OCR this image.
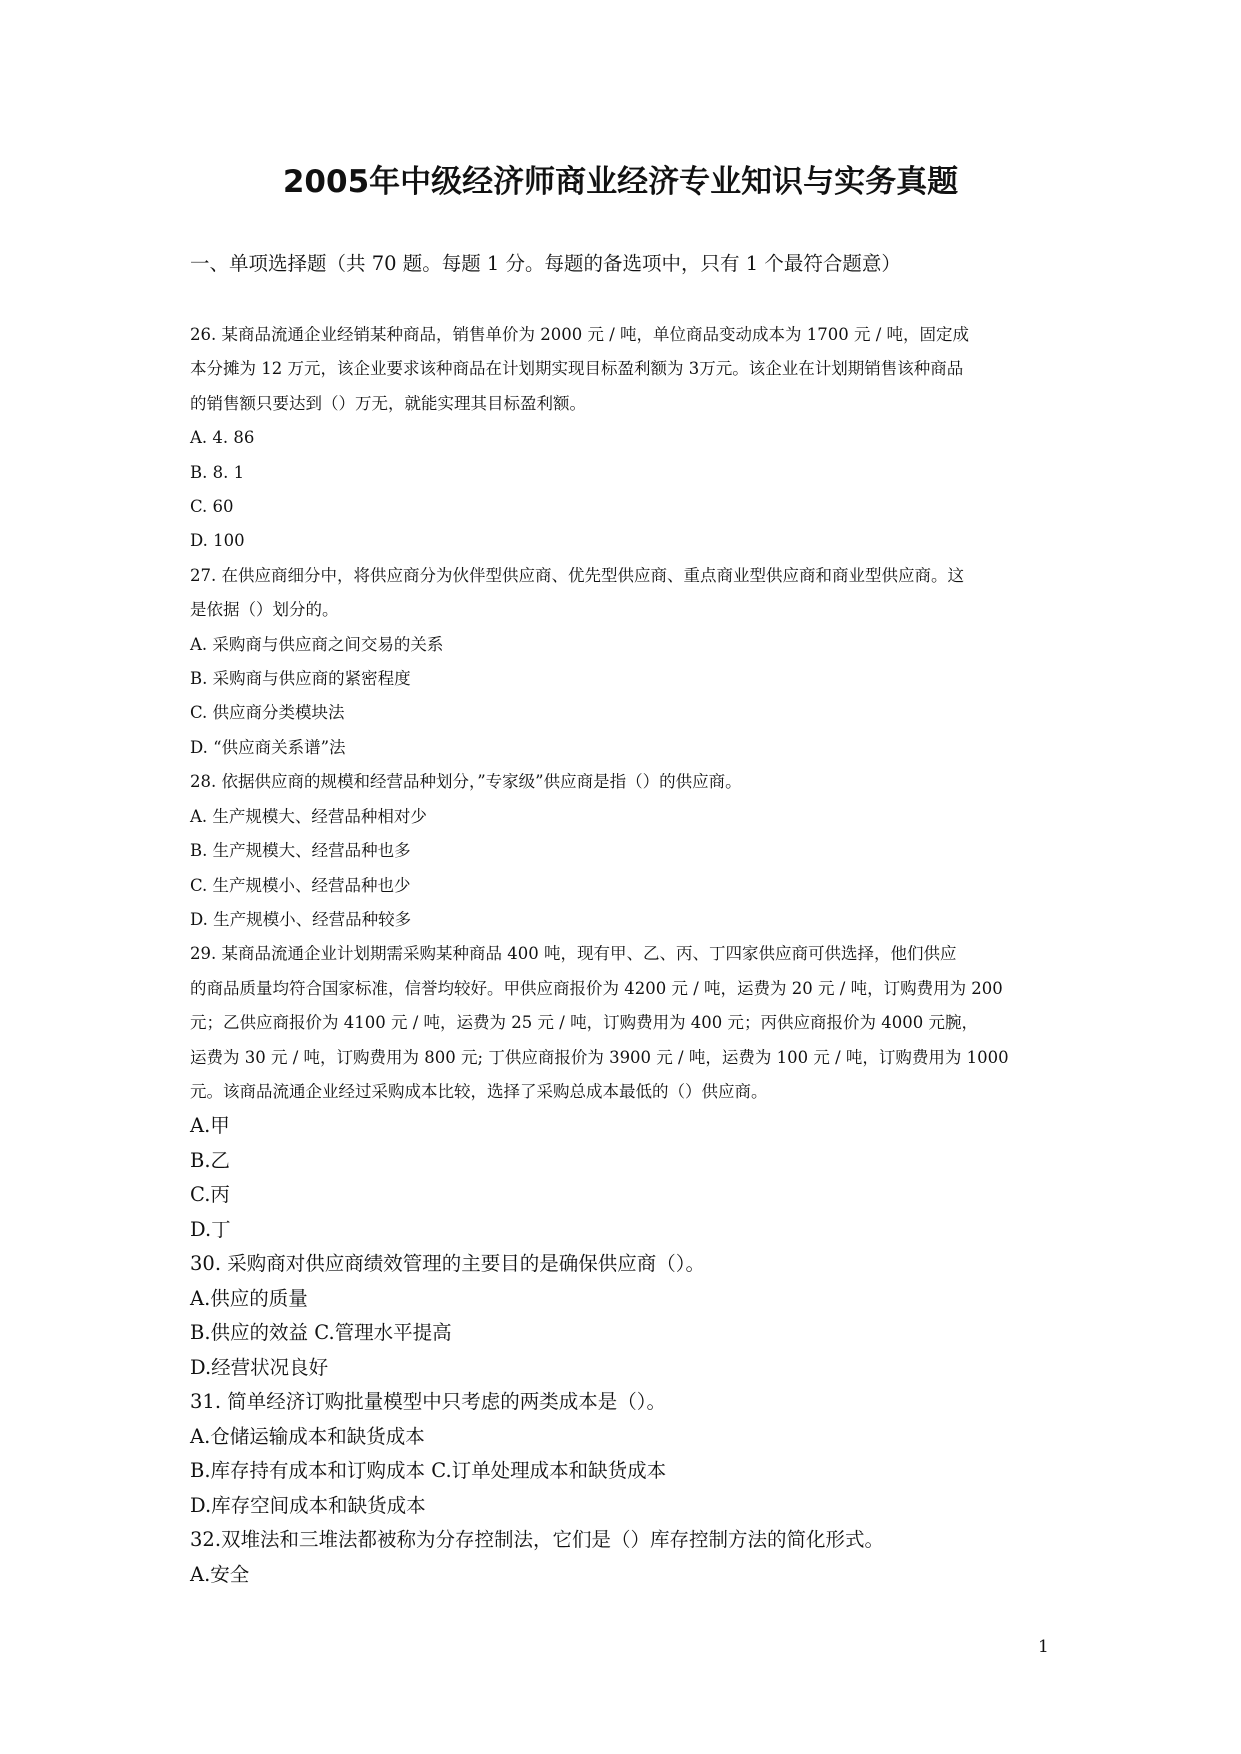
2005年中级经济师商业经济专业知识与实务真题

一、单项选择题（共 70 题。每题 1 分。每题的备选项中，只有 1 个最符合题意）

26. 某商品流通企业经销某种商品，销售单价为 2000 元 / 吨，单位商品变动成本为 1700 元 / 吨，固定成
本分摊为 12 万元，该企业要求该种商品在计划期实现目标盈利额为 3万元。该企业在计划期销售该种商品
的销售额只要达到（）万无，就能实理其目标盈利额。
A. 4. 86
B. 8. 1
C. 60
D. 100
27. 在供应商细分中，将供应商分为伙伴型供应商、优先型供应商、重点商业型供应商和商业型供应商。这
是依据（）划分的。
A. 采购商与供应商之间交易的关系
B. 采购商与供应商的紧密程度
C. 供应商分类模块法
D. “供应商关系谱”法
28. 依据供应商的规模和经营品种划分，”专家级”供应商是指（）的供应商。
A. 生产规模大、经营品种相对少
B. 生产规模大、经营品种也多
C. 生产规模小、经营品种也少
D. 生产规模小、经营品种较多
29. 某商品流通企业计划期需采购某种商品 400 吨，现有甲、乙、丙、丁四家供应商可供选择，他们供应
的商品质量均符合国家标准，信誉均较好。甲供应商报价为 4200 元 / 吨，运费为 20 元 / 吨，订购费用为 200
元；乙供应商报价为 4100 元 / 吨，运费为 25 元 / 吨，订购费用为 400 元；丙供应商报价为 4000 元腕，
运费为 30 元 / 吨，订购费用为 800 元; 丁供应商报价为 3900 元 / 吨，运费为 100 元 / 吨，订购费用为 1000
元。该商品流通企业经过采购成本比较，选择了采购总成本最低的（）供应商。
A.甲
B.乙
C.丙
D.丁
30. 采购商对供应商绩效管理的主要目的是确保供应商（）。
A.供应的质量
B.供应的效益 C.管理水平提高
D.经营状况良好
31. 简单经济订购批量模型中只考虑的两类成本是（）。
A.仓储运输成本和缺货成本
B.库存持有成本和订购成本 C.订单处理成本和缺货成本
D.库存空间成本和缺货成本
32.双堆法和三堆法都被称为分存控制法，它们是（）库存控制方法的简化形式。
A.安全
1
